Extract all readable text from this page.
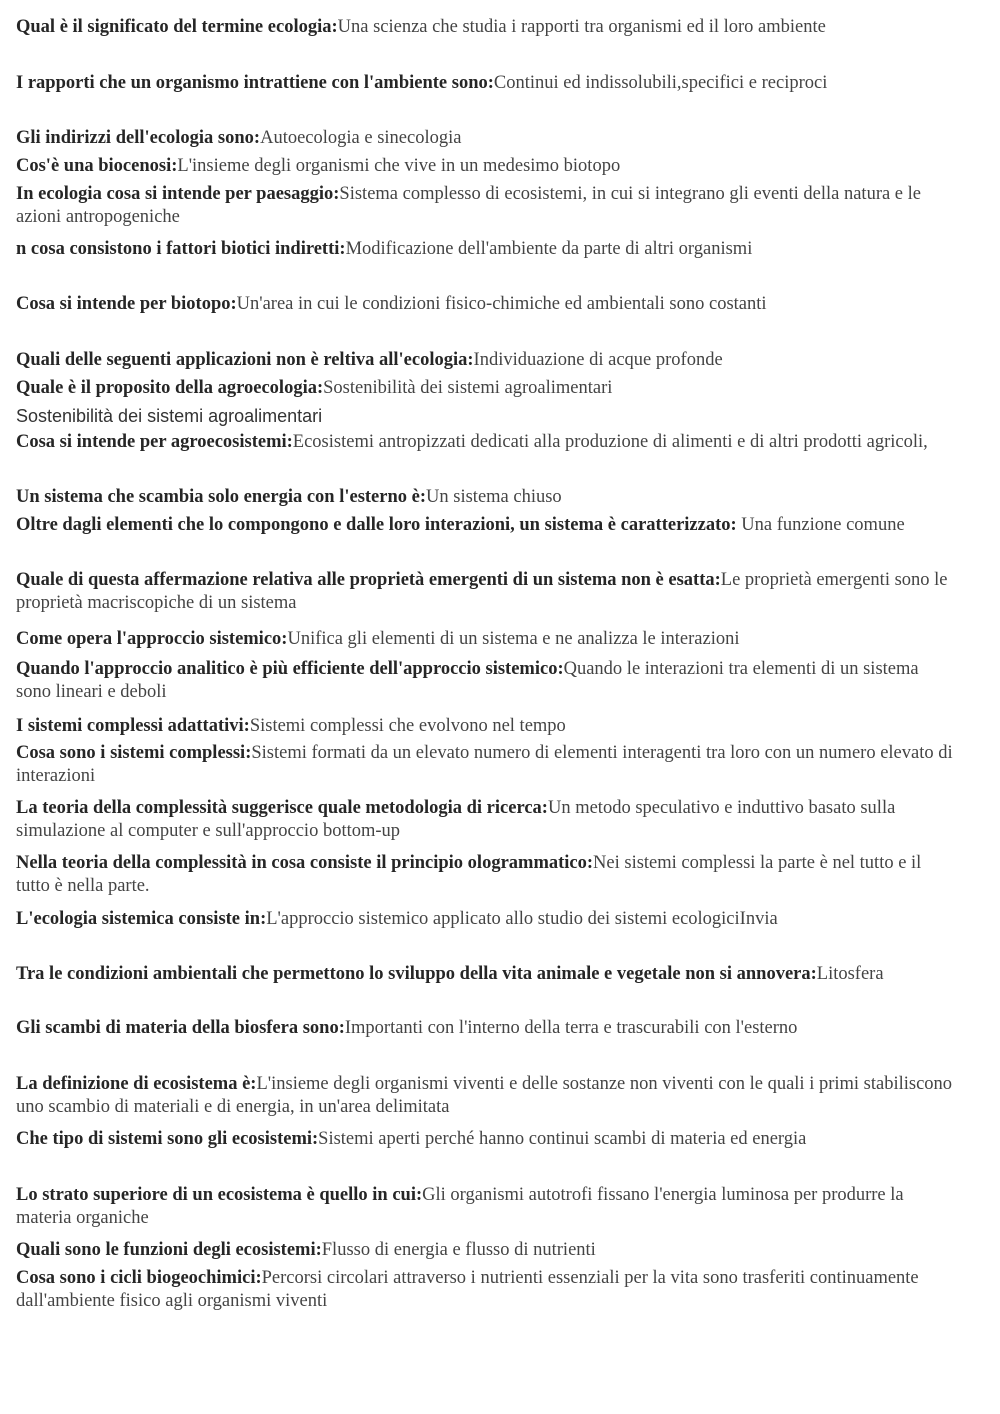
Qual è il significato del termine ecologia:Una scienza che studia i rapporti tra organismi ed il loro ambiente

I rapporti che un organismo intrattiene con l'ambiente sono:Continui ed indissolubili,specifici e reciproci

Gli indirizzi dell'ecologia sono:Autoecologia e sinecologia

Cos'è una biocenosi:L'insieme degli organismi che vive in un medesimo biotopo

In ecologia cosa si intende per paesaggio:Sistema complesso di ecosistemi, in cui si integrano gli eventi della natura e le azioni antropogeniche

n cosa consistono i fattori biotici indiretti:Modificazione dell'ambiente da parte di altri organismi

Cosa si intende per biotopo:Un'area in cui le condizioni fisico-chimiche ed ambientali sono costanti

Quali delle seguenti applicazioni non è reltiva all'ecologia:Individuazione di acque profonde

Quale è il proposito della agroecologia:Sostenibilità dei sistemi agroalimentari

Sostenibilità dei sistemi agroalimentari

Cosa si intende per agroecosistemi:Ecosistemi antropizzati dedicati alla produzione di alimenti e di altri prodotti agricoli,

Un sistema che scambia solo energia con l'esterno è:Un sistema chiuso

Oltre dagli elementi che lo compongono e dalle loro interazioni, un sistema è caratterizzato: Una funzione comune

Quale di questa affermazione relativa alle proprietà emergenti di un sistema non è esatta:Le proprietà emergenti sono le proprietà macriscopiche di un sistema

Come opera l'approccio sistemico:Unifica gli elementi di un sistema e ne analizza le interazioni

Quando l'approccio analitico è più efficiente dell'approccio sistemico:Quando le interazioni tra elementi di un sistema sono lineari e deboli

I sistemi complessi adattativi:Sistemi complessi che evolvono nel tempo

Cosa sono i sistemi complessi:Sistemi formati da un elevato numero di elementi interagenti tra loro con un numero elevato di interazioni

La teoria della complessità suggerisce quale metodologia di ricerca:Un metodo speculativo e induttivo basato sulla simulazione al computer e sull'approccio bottom-up

Nella teoria della complessità in cosa consiste il principio ologrammatico:Nei sistemi complessi la parte è nel tutto e il tutto è nella parte.

L'ecologia sistemica consiste in:L'approccio sistemico applicato allo studio dei sistemi ecologiciInvia

Tra le condizioni ambientali che permettono lo sviluppo della vita animale e vegetale non si annovera:Litosfera

Gli scambi di materia della biosfera sono:Importanti con l'interno della terra e trascurabili con l'esterno

La definizione di ecosistema è:L'insieme degli organismi viventi e delle sostanze non viventi con le quali i primi stabiliscono uno scambio di materiali e di energia, in un'area delimitata

Che tipo di sistemi sono gli ecosistemi:Sistemi aperti perché hanno continui scambi di materia ed energia

Lo strato superiore di un ecosistema è quello in cui:Gli organismi autotrofi fissano l'energia luminosa per produrre la materia organiche

Quali sono le funzioni degli ecosistemi:Flusso di energia e flusso di nutrienti

Cosa sono i cicli biogeochimici:Percorsi circolari attraverso i nutrienti essenziali per la vita sono trasferiti continuamente dall'ambiente fisico agli organismi viventi
